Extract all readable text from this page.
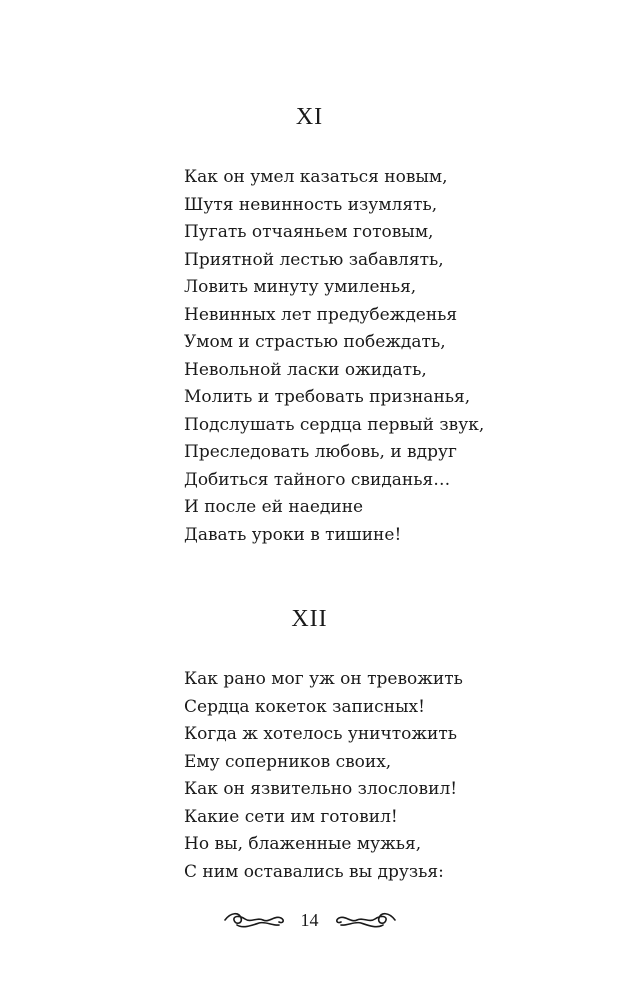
XI
Как он умел казаться новым,
Шутя невинность изумлять,
Пугать отчаяньем готовым,
Приятной лестью забавлять,
Ловить минуту умиленья,
Невинных лет предубежденья
Умом и страстью побеждать,
Невольной ласки ожидать,
Молить и требовать признанья,
Подслушать сердца первый звук,
Преследовать любовь, и вдруг
Добиться тайного свиданья…
И после ей наедине
Давать уроки в тишине!
XII
Как рано мог уж он тревожить
Сердца кокеток записных!
Когда ж хотелось уничтожить
Ему соперников своих,
Как он язвительно злословил!
Какие сети им готовил!
Но вы, блаженные мужья,
С ним оставались вы друзья:
14
